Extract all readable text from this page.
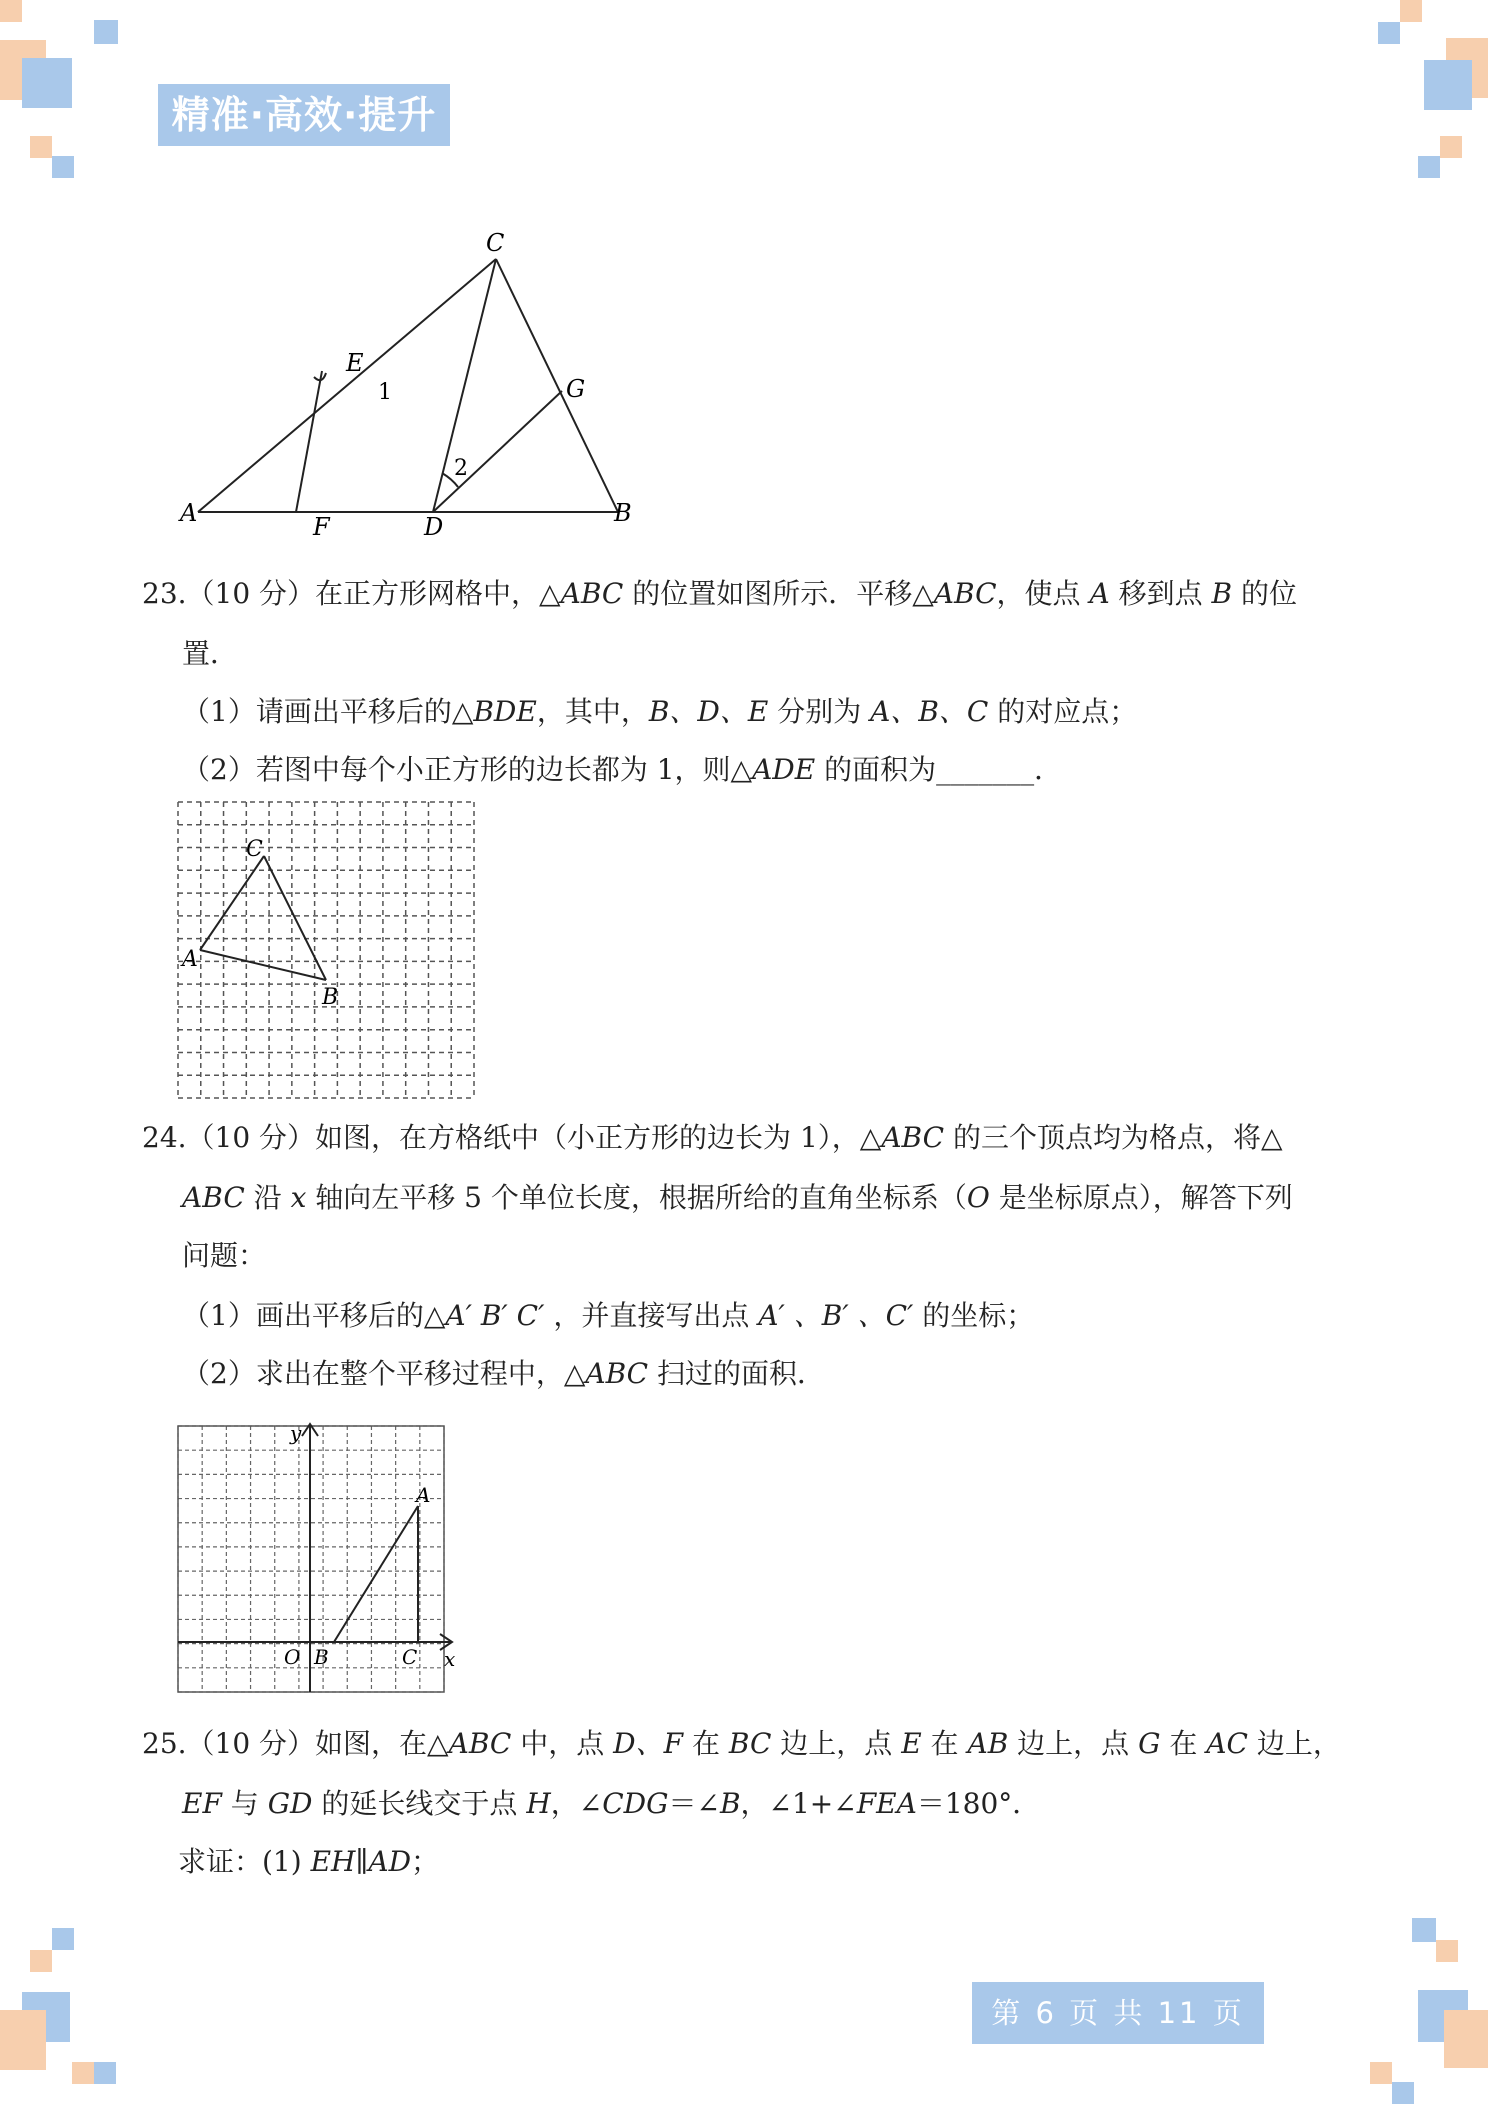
精准·高效·提升
C
E
1	G
2
A	F	D	B
23.（10 分）在正方形网格中，△ABC 的位置如图所示．平移△ABC，使点 A 移到点 B 的位
置．
（1）请画出平移后的△BDE，其中，B、D、E 分别为 A、B、C 的对应点；
（2）若图中每个小正方形的边长都为 1，则△ADE 的面积为_______．
C
A
B
24.（10 分）如图，在方格纸中（小正方形的边长为 1），△ABC 的三个顶点均为格点，将△
ABC 沿 x 轴向左平移 5 个单位长度，根据所给的直角坐标系（O 是坐标原点），解答下列
问题：
（1）画出平移后的△A′ B′ C′ ，并直接写出点 A′ 、B′ 、C′ 的坐标；
（2）求出在整个平移过程中，△ABC 扫过的面积．
y
x
O B	C
A
25.（10 分）如图，在△ABC 中，点 D、F 在 BC 边上，点 E 在 AB 边上，点 G 在 AC 边上，
EF 与 GD 的延长线交于点 H，∠CDG＝∠B，∠1+∠FEA＝180°．
求证：(1) EH∥AD；
第 6 页 共 11 页
